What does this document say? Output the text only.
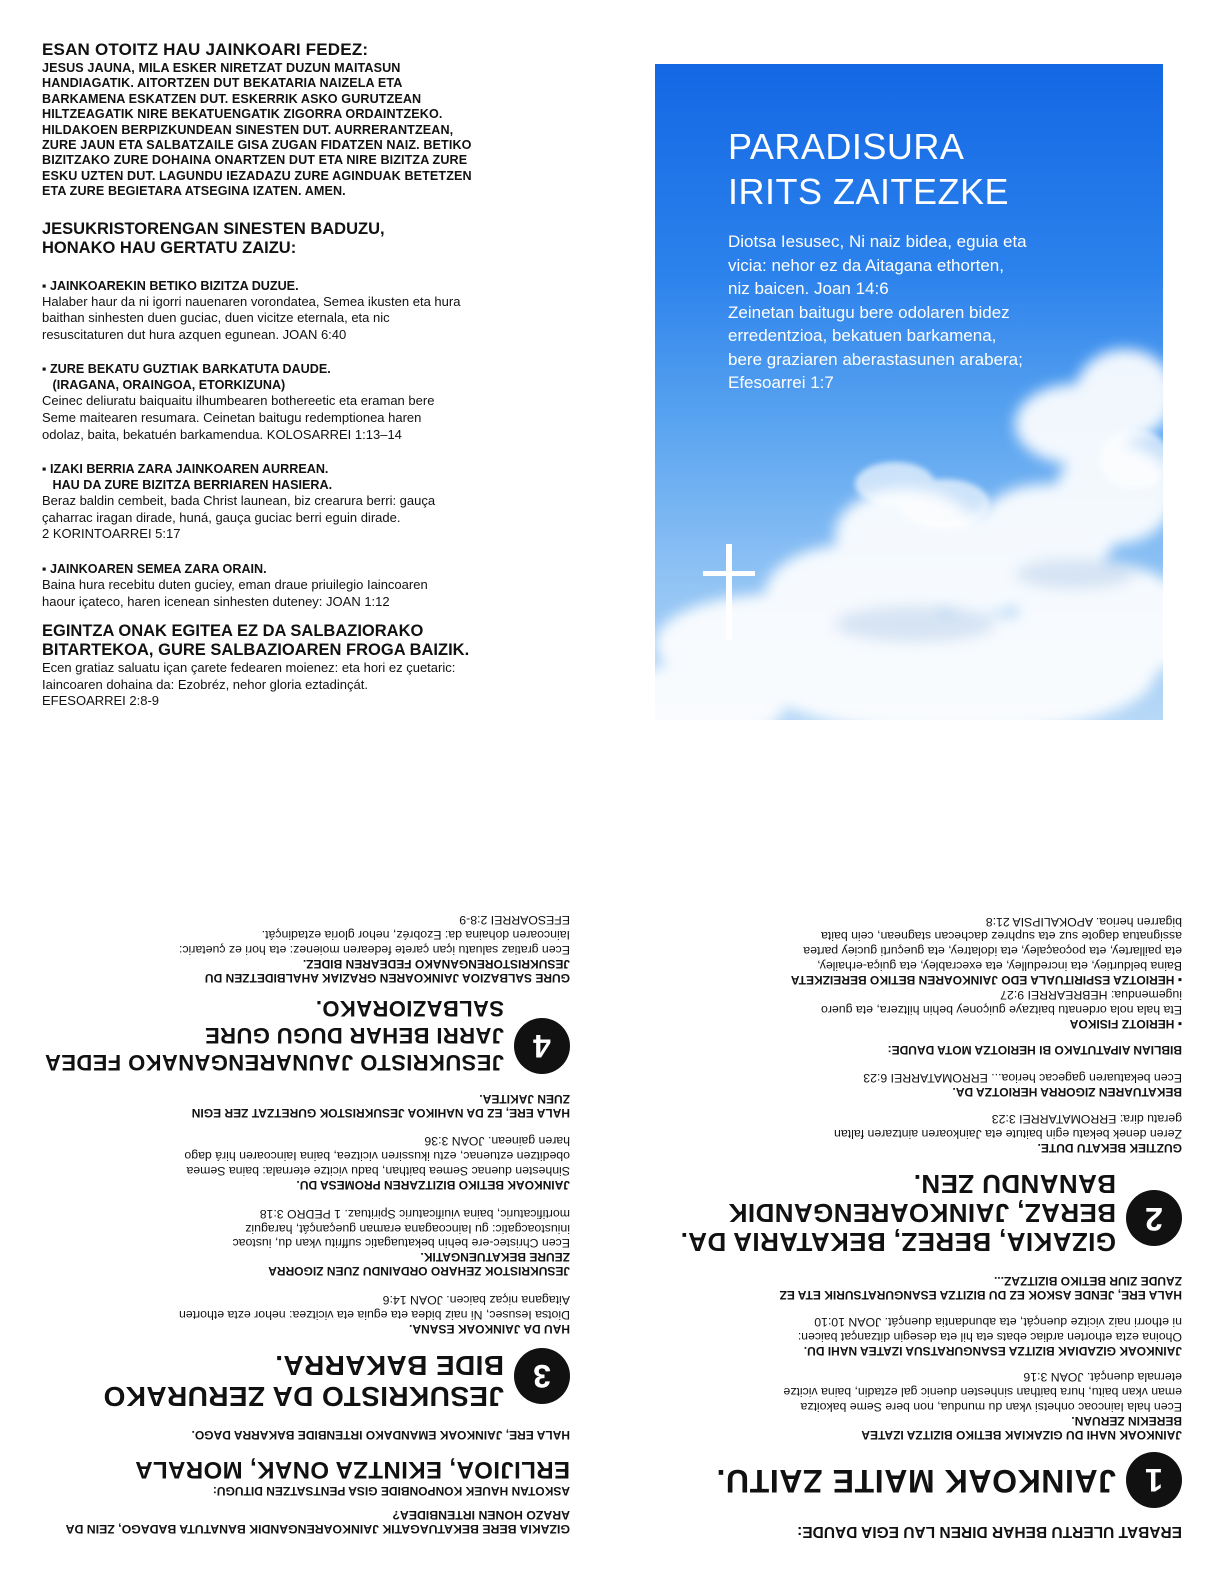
ESAN OTOITZ HAU JAINKOARI FEDEZ:

JESUS JAUNA, MILA ESKER NIRETZAT DUZUN MAITASUN

HANDIAGATIK. AITORTZEN DUT BEKATARIA NAIZELA ETA

BARKAMENA ESKATZEN DUT. ESKERRIK ASKO GURUTZEAN

HILTZEAGATIK NIRE BEKATUENGATIK ZIGORRA ORDAINTZEKO.

HILDAKOEN BERPIZKUNDEAN SINESTEN DUT. AURRERANTZEAN,

ZURE JAUN ETA SALBATZAILE GISA ZUGAN FIDATZEN NAIZ. BETIKO

BIZITZAKO ZURE DOHAINA ONARTZEN DUT ETA NIRE BIZITZA ZURE

ESKU UZTEN DUT. LAGUNDU IEZADAZU ZURE AGINDUAK BETETZEN

ETA ZURE BEGIETARA ATSEGINA IZATEN. AMEN.

JESUKRISTORENGAN SINESTEN BADUZU,

HONAKO HAU GERTATU ZAIZU:

▪ JAINKOAREKIN BETIKO BIZITZA DUZUE.

Halaber haur da ni igorri nauenaren vorondatea, Semea ikusten eta hura

baithan sinhesten duen guciac, duen vicitze eternala, eta nic

resuscitaturen dut hura azquen egunean. JOAN 6:40

▪ ZURE BEKATU GUZTIAK BARKATUTA DAUDE.

(IRAGANA, ORAINGOA, ETORKIZUNA)

Ceinec deliuratu baiquaitu ilhumbearen bothereetic eta eraman bere

Seme maitearen resumara. Ceinetan baitugu redemptionea haren

odolaz, baita, bekatuén barkamendua. KOLOSARREI 1:13–14

▪ IZAKI BERRIA ZARA JAINKOAREN AURREAN.

HAU DA ZURE BIZITZA BERRIAREN HASIERA.

Beraz baldin cembeit, bada Christ launean, biz crearura berri: gauça

çaharrac iragan dirade, huná, gauça guciac berri eguin dirade.

2 KORINTOARREI 5:17

▪ JAINKOAREN SEMEA ZARA ORAIN.

Baina hura recebitu duten guciey, eman draue priuilegio Iaincoaren

haour içateco, haren icenean sinhesten duteney: JOAN 1:12

EGINTZA ONAK EGITEA EZ DA SALBAZIORAKO

BITARTEKOA, GURE SALBAZIOAREN FROGA BAIZIK.

Ecen gratiaz saluatu içan çarete fedearen moienez: eta hori ez çuetaric:

Iaincoaren dohaina da: Ezobréz, nehor gloria eztadinçát.

EFESOARREI 2:8-9

PARADISURA
IRITS ZAITEZKE
Diotsa Iesusec, Ni naiz bidea, eguia eta
vicia: nehor ez da Aitagana ethorten,
niz baicen. Joan 14:6
Zeinetan baitugu bere odolaren bidez
erredentzioa, bekatuen barkamena,
bere graziaren aberastasunen arabera;
Efesoarrei 1:7

ERABAT ULERTU BEHAR DIREN LAU EGIA DAUDE:

1
JAINKOAK MAITE ZAITU.

JAINKOAK NAHI DU GIZAKIAK BETIKO BIZITZA IZATEA

BEREKIN ZERUAN.

Ecen hala Iaincoac onhetsi vkan du mundua, non bere Seme bakoitza

eman vkan baitu, hura baithan sinhesten duenic gal eztadin, baina vicitze

eternala duençát. JOAN 3:16

JAINKOAK GIZADIAK BIZITZA ESANGURATSUA IZATEA NAHI DU.

Ohoina ezta ethorten ardiac ebats eta hil eta desegin ditzançat baicen:

ni ethorri naiz vicitze duençát, eta abundantia duençát. JOAN 10:10

HALA ERE, JENDE ASKOK EZ DU BIZITZA ESANGURATSURIK ETA EZ

ZAUDE ZIUR BETIKO BIZITZAZ...

2
GIZAKIA, BEREZ, BEKATARIA DA.
BERAZ, JAINKOARENGANDIK
BANANDU ZEN.

GUZTIEK BEKATU DUTE.

Zeren denek bekatu egin baitute eta Jainkoaren aintzaren faltan

geratu dira: ERROMATARREI 3:23

BEKATUAREN ZIGORRA HERIOTZA DA.

Ecen bekatuaren gagecac herioa... ERROMATARREI 6:23

BIBLIAN AIPATUTAKO BI HERIOTZA MOTA DAUDE:

▪ HERIOTZ FISIKOA

Eta hala nola ordenatu baitzaye guiçoney behin hiltzera, eta guero

iugemendua: HEBREARREI 9:27

▪ HERIOTZA ESPIRITUALA EDO JAINKOAREN BETIKO BEREIZKETA

Baina beldurtiey, eta incredulley, eta execrabley, eta guiça-erhailey,

eta paillartey, eta poçoaçaley, eta idolatrey, eta gueçurti guciey partea

assignatua dagote suz eta suphrez dachecan stagnean, cein baita

bigarren herioa. APOKALIPSIA 21:8

GIZAKIA BERE BEKATUAGATIK JAINKOARENGANDIK BANATUTA BADAGO, ZEIN DA ARAZO HONEN IRTENBIDEA?

ASKOTAN HAUEK KONPONBIDE GISA PENTSATZEN DITUGU:

ERLIJIOA, EKINTZA ONAK, MORALA

HALA ERE, JAINKOAK EMANDAKO IRTENBIDE BAKARRA DAGO.

3
JESUKRISTO DA ZERURAKO
BIDE BAKARRA.

HAU DA JAINKOAK ESANA.

Diotsa Iesusec, Ni naiz bidea eta eguia eta vicitzea: nehor ezta ethorten

Aitagana niçaz baicen. JOAN 14:6

JESUKRISTOK ZEHARO ORDAINDU ZUEN ZIGORRA

ZEURE BEKATUENGATIK.

Ecen Christec-ere behin bekatuagatic suffritu vkan du, iustoac

iniustoacgatic: gu Iaincoagana eraman gueçançát, haraguiz

mortificaturic, baina viuificaturic Spirituaz. 1 PEDRO 3:18

JAINKOAK BETIKO BIZITZAREN PROMESA DU.

Sinhesten duenac Semea baithan, badu vicitze eternala: baina Semea

obeditzen eztuenac, eztu ikussiren vicitzea, baina Iaincoaren hirá dago

haren gainean. JOAN 3:36

HALA ERE, EZ DA NAHIKOA JESUKRISTOK GURETZAT ZER EGIN

ZUEN JAKITEA.

4
JESUKRISTO JAUNARENGANAKO FEDEA
JARRI BEHAR DUGU GURE SALBAZIORAKO.

GURE SALBAZIOA JAINKOAREN GRAZIAK AHALBIDETZEN DU

JESUKRISTORENGANAKO FEDEAREN BIDEZ.

Ecen gratiaz saluatu içan çarete fedearen moienez: eta hori ez çuetaric:

Iaincoaren dohaina da: Ezobréz, nehor gloria eztadinçát.

EFESOARREI 2:8-9
